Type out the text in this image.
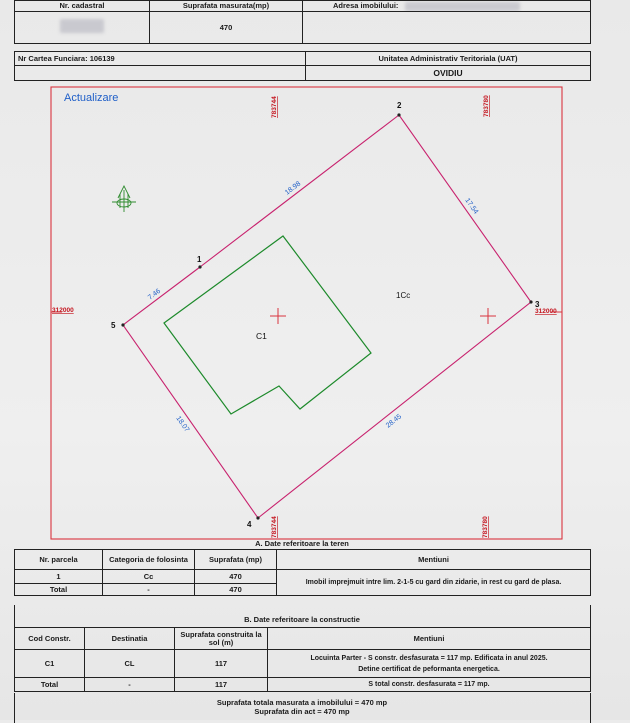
Nr. cadastral	Suprafata masurata(mp)	Adresa imobilului:
	470	
Nr Cartea Funciara: 106139	Unitatea Administrativ Teritoriala (UAT)
	OVIDIU
312000	312000
783744	783780
783744	783780
Actualizare
1
2
3
4
5
18.98
17.54
28.45
18.07
7.46	1Cc
C1
A. Date referitoare la teren
Nr. parcela	Categoria de folosinta	Suprafata (mp)	Mentiuni
1	Cc	470	Imobil imprejmuit intre lim. 2-1-5 cu gard din zidarie, in rest cu gard de plasa.
Total	-	470	
B. Date referitoare la constructie
Cod Constr.	Destinatia	Suprafata construita la sol (m)	Mentiuni
C1	CL	117	Locuinta Parter - S constr. desfasurata = 117 mp. Edificata in anul 2025.
Detine certificat de peformanta energetica.

Total	-	117	S total constr. desfasurata = 117 mp.
Suprafata totala masurata a imobilului = 470 mp
Suprafata din act = 470 mp
